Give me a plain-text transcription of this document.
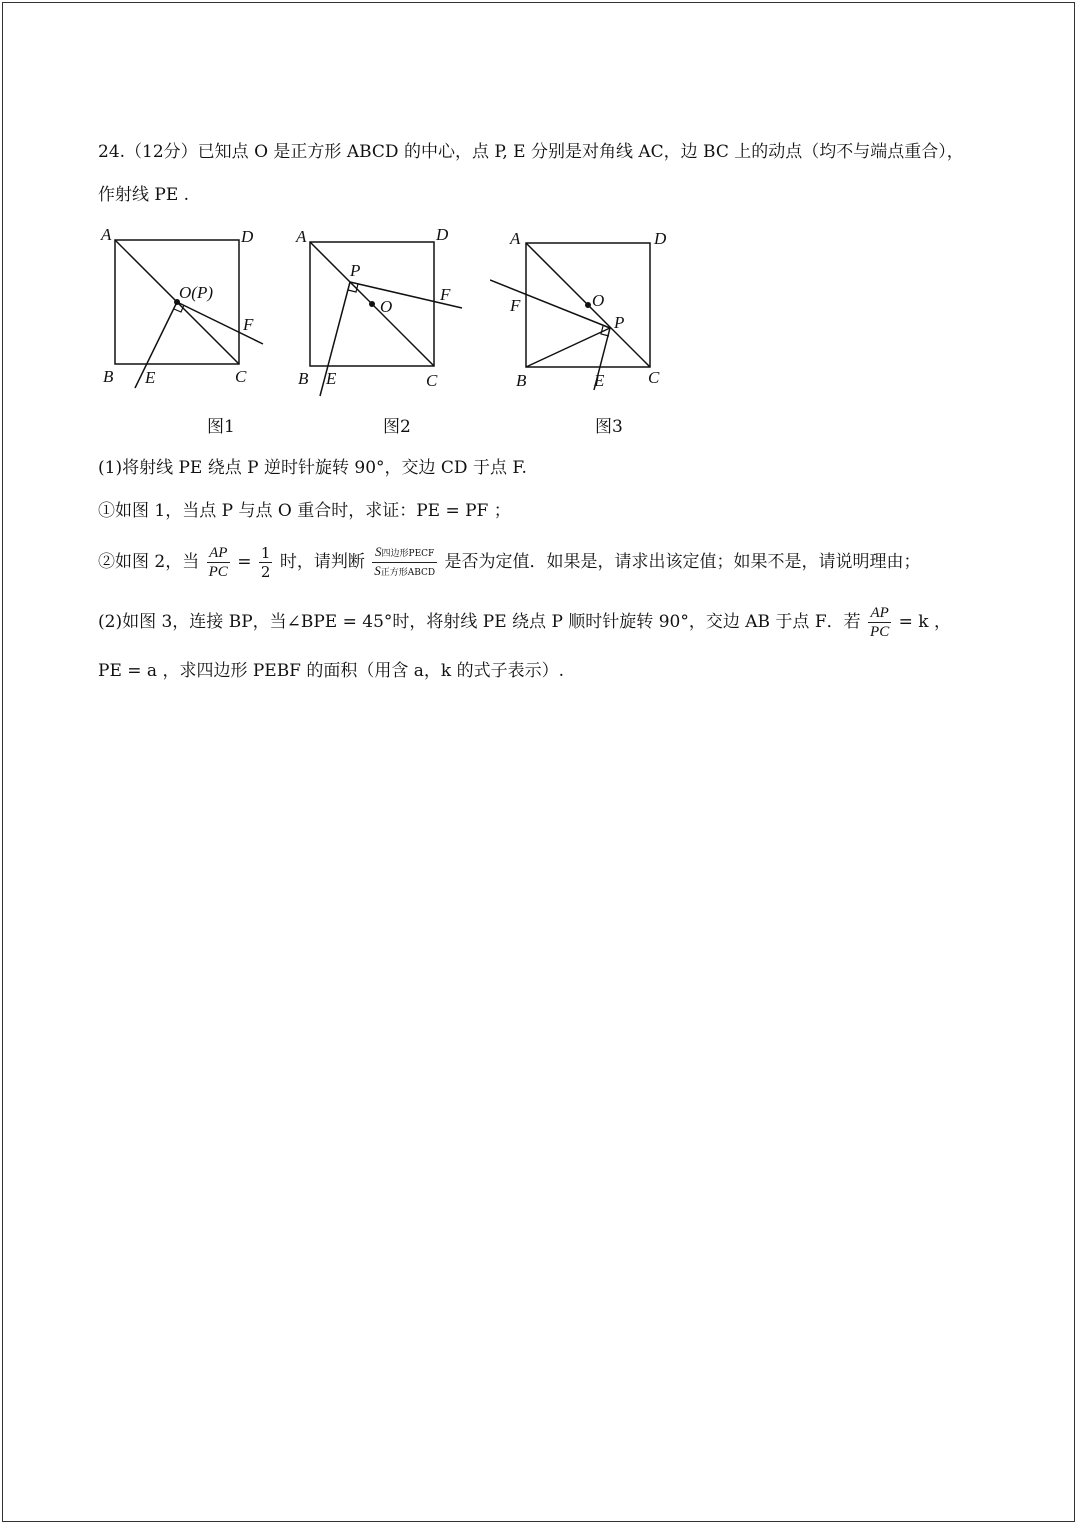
24.（12分）已知点 O 是正方形 ABCD 的中心，点 P, E 分别是对角线 AC，边 BC 上的动点（均不与端点重合），
作射线 PE .
A	D
B	C
E
F
O(P)
图1
A	D
B	C
E
F
P
O
图2
A	D
B	C
E
F	O
P
图3
(1)将射线 PE 绕点 P 逆时针旋转 90°，交边 CD 于点 F.
①如图 1，当点 P 与点 O 重合时，求证：PE = PF ；
②如图 2，当 $\frac{AP}{PC} = \frac{1}{2}$ 时，请判断 $\frac{\text{S四边形PECF}}{\text{S正方形ABCD}}$ 是否为定值．如果是，请求出该定值；如果不是，请说明理由；
(2)如图 3，连接 BP，当∠BPE = 45°时，将射线 PE 绕点 P 顺时针旋转 90°，交边 AB 于点 F．若 $\frac{AP}{PC} = k$ ，
PE = a ，求四边形 PEBF 的面积（用含 a，k 的式子表示）.
